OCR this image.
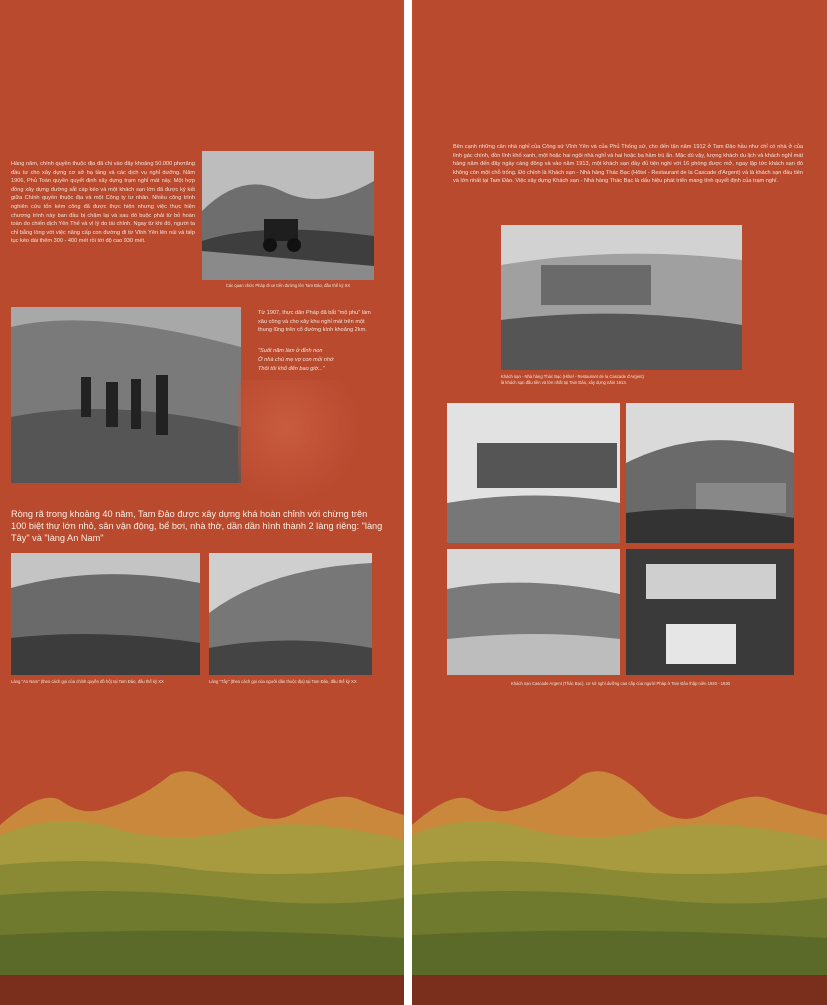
Hàng năm, chính quyền thuộc địa đã chi vào đây khoảng 50.000 phơrăng đầu tư cho xây dựng cơ sở hạ tầng và các dịch vụ nghỉ dưỡng. Năm 1906, Phủ Toàn quyền quyết định xây dựng trạm nghỉ mát này. Một hợp đồng xây dựng đường sắt cáp kéo và một khách sạn lớn đã được ký kết giữa Chính quyền thuộc địa và một Công ty tư nhân. Nhiều công trình nghiên cứu tốn kém công đã được thực hiện nhưng việc thực hiện chương trình này ban đầu bị chậm lại và sau đó buộc phải từ bỏ hoàn toàn do chiến dịch Yên Thế và vì lý do tài chính. Ngay từ khi đó, người ta chỉ bằng lòng với việc nâng cấp con đường đi từ Vĩnh Yên lên núi và tiếp tục kéo dài thêm 300 - 400 mét rồi tới độ cao 930 mét.

Các quan chức Pháp đi xe trên đường lên Tam Đảo, đầu thế kỷ XX

Từ 1907, thực dân Pháp đã bắt "mộ phu" làm xâu công và cho xây khu nghỉ mát trên một thung lũng trên cổ đường kính khoảng 2km.

"Suốt năm làm ở đỉnh non

Ở nhà chú mẹ vợ con mỏi nhớ

Thôi tôi khổ đến bao giờ..."

Ròng rã trong khoảng 40 năm, Tam Đảo được xây dựng khá hoàn chỉnh với chừng trên 100 biệt thự lớn nhỏ, sân vận động, bể bơi, nhà thờ, dần dần hình thành 2 làng riêng: "làng Tây" và "làng An Nam"

Làng "An Nam" (theo cách gọi của chính quyền đô hộ) tại Tam Đảo, đầu thế kỷ XX	Làng "Tây" (theo cách gọi của người dân thuộc địa) tại Tam Đảo, đầu thế kỷ XX

Bên cạnh những căn nhà nghỉ của Công sứ Vĩnh Yên và của Phủ Thống sứ, cho đến tận năm 1912 ở Tam Đảo hầu như chỉ có nhà ở của lính gác chính, đồn lính khố xanh, một hoặc hai ngôi nhà nghỉ và hai hoặc ba hầm trú ẩn. Mặc dù vậy, lượng khách du lịch và khách nghỉ mát hàng năm đến đây ngày càng đông và vào năm 1913, một khách sạn đầy đủ tiện nghi với 16 phòng được mở, ngay lập tức khách sạn đó không còn một chỗ trống. Đó chính là Khách sạn - Nhà hàng Thác Bạc (Hôtel - Restaurant de la Cascade d'Argent) và là khách sạn đầu tiên và lớn nhất tại Tam Đảo. Việc xây dựng Khách sạn - Nhà hàng Thác Bạc là dấu hiệu phát triển mang tính quyết định của trạm nghỉ.

Khách sạn - Nhà hàng Thác Bạc (Hôtel - Restaurant de la Cascade d'Argent)

là khách sạn đầu tiên và lớn nhất tại Tam Đảo, xây dựng năm 1913.

Khách sạn Cascade Argent (Thác Bạc), cơ sở nghỉ dưỡng cao cấp của người Pháp ở Tam Đảo thập niên 1920 - 1930
